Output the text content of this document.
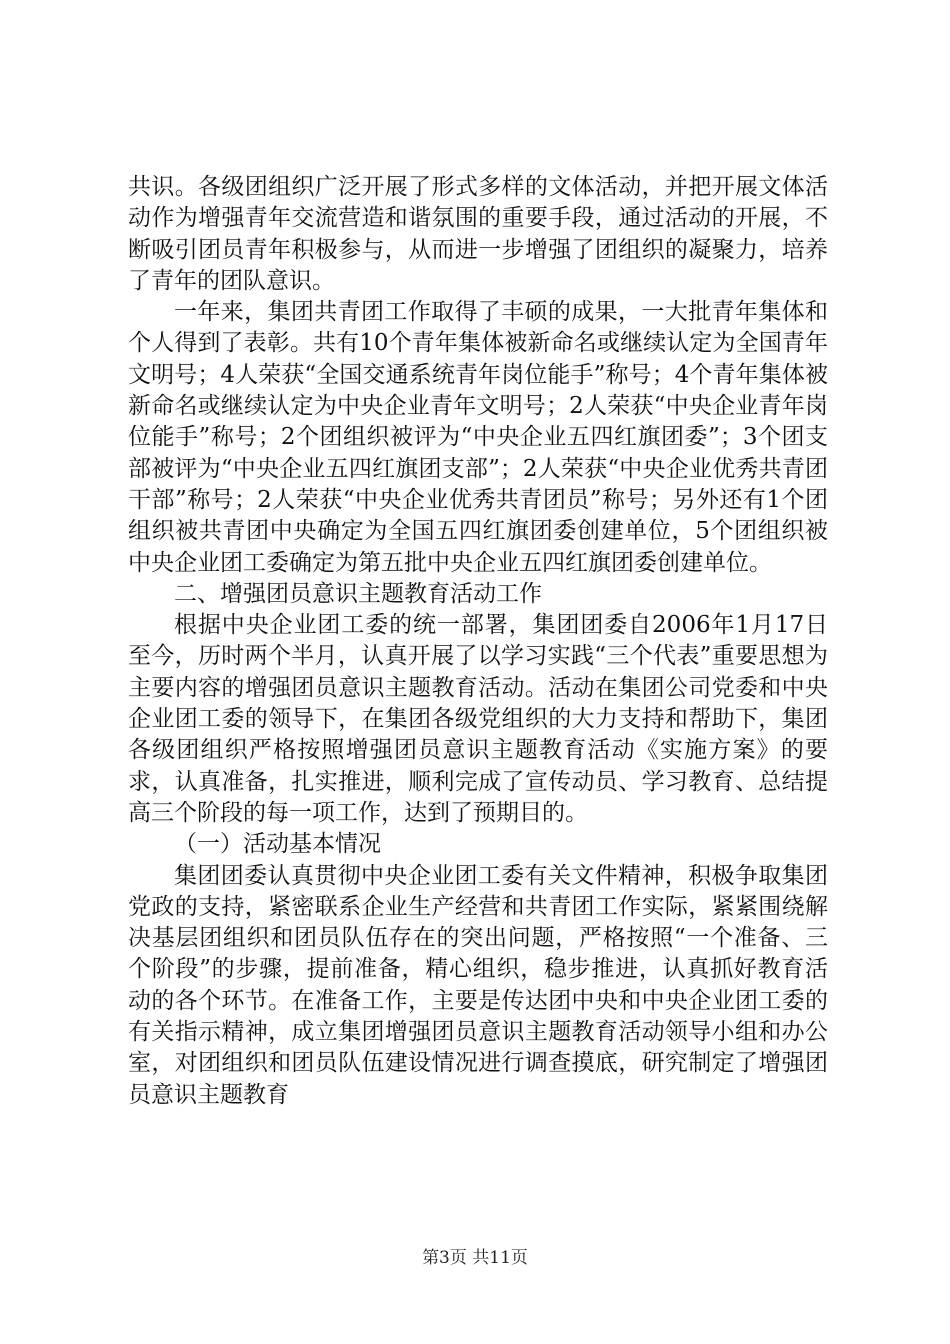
共识。各级团组织广泛开展了形式多样的文体活动，并把开展文体活动作为增强青年交流营造和谐氛围的重要手段，通过活动的开展，不断吸引团员青年积极参与，从而进一步增强了团组织的凝聚力，培养了青年的团队意识。

一年来，集团共青团工作取得了丰硕的成果，一大批青年集体和个人得到了表彰。共有10个青年集体被新命名或继续认定为全国青年文明号；4人荣获“全国交通系统青年岗位能手”称号；4个青年集体被新命名或继续认定为中央企业青年文明号；2人荣获“中央企业青年岗位能手”称号；2个团组织被评为“中央企业五四红旗团委”；3个团支部被评为“中央企业五四红旗团支部”；2人荣获“中央企业优秀共青团干部”称号；2人荣获“中央企业优秀共青团员”称号；另外还有1个团组织被共青团中央确定为全国五四红旗团委创建单位，5个团组织被中央企业团工委确定为第五批中央企业五四红旗团委创建单位。

二、增强团员意识主题教育活动工作

根据中央企业团工委的统一部署，集团团委自2006年1月17日至今，历时两个半月，认真开展了以学习实践“三个代表”重要思想为主要内容的增强团员意识主题教育活动。活动在集团公司党委和中央企业团工委的领导下，在集团各级党组织的大力支持和帮助下，集团各级团组织严格按照增强团员意识主题教育活动《实施方案》的要求，认真准备，扎实推进，顺利完成了宣传动员、学习教育、总结提高三个阶段的每一项工作，达到了预期目的。

（一）活动基本情况

集团团委认真贯彻中央企业团工委有关文件精神，积极争取集团党政的支持，紧密联系企业生产经营和共青团工作实际，紧紧围绕解决基层团组织和团员队伍存在的突出问题，严格按照“一个准备、三个阶段”的步骤，提前准备，精心组织，稳步推进，认真抓好教育活动的各个环节。在准备工作，主要是传达团中央和中央企业团工委的有关指示精神，成立集团增强团员意识主题教育活动领导小组和办公室，对团组织和团员队伍建设情况进行调查摸底，研究制定了增强团员意识主题教育

第3页 共11页
